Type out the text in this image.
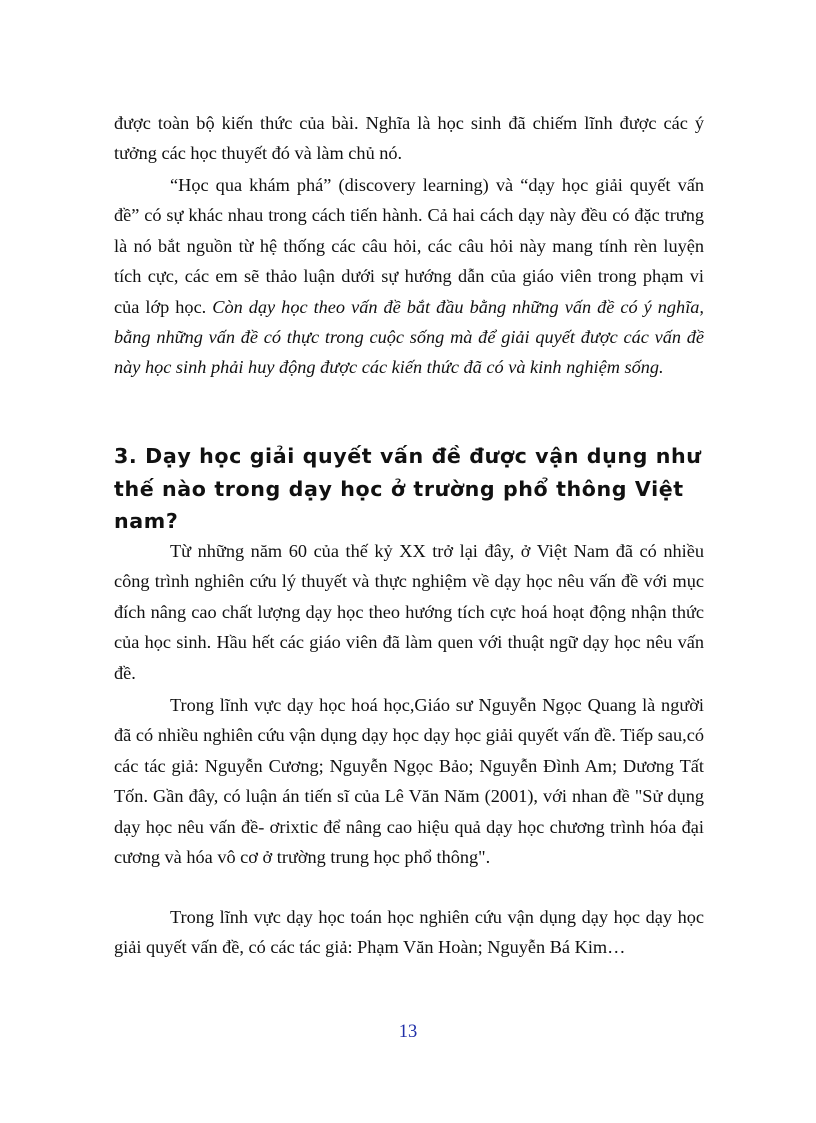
được toàn bộ kiến thức của bài. Nghĩa là học sinh đã chiếm lĩnh được các ý tưởng các học thuyết đó và làm chủ nó.

“Học qua khám phá” (discovery learning) và “dạy học giải quyết vấn đề” có sự khác nhau trong cách tiến hành. Cả hai cách dạy này đều có đặc trưng là nó bắt nguồn từ hệ thống các câu hỏi, các câu hỏi này mang tính rèn luyện tích cực, các em sẽ thảo luận dưới sự hướng dẫn của giáo viên trong phạm vi của lớp học. Còn dạy học theo vấn đề bắt đầu bằng những vấn đề có ý nghĩa, bằng những vấn đề có thực trong cuộc sống mà để giải quyết được các vấn đề này học sinh phải huy động được các kiến thức đã có và kinh nghiệm sống.

3. Dạy học giải quyết vấn đề được vận dụng như thế nào trong dạy học ở trường phổ thông Việt nam?

Từ những năm 60 của thế kỷ XX trở lại đây, ở Việt Nam đã có nhiều công trình nghiên cứu lý thuyết và thực nghiệm về dạy học nêu vấn đề với mục đích nâng cao chất lượng dạy học theo hướng tích cực hoá hoạt động nhận thức của học sinh. Hầu hết các giáo viên đã làm quen với thuật ngữ dạy học nêu vấn đề.

Trong lĩnh vực dạy học hoá học,Giáo sư Nguyễn Ngọc Quang là người đã có nhiều nghiên cứu vận dụng dạy học dạy học giải quyết vấn đề. Tiếp sau,có các tác giả: Nguyễn Cương; Nguyễn Ngọc Bảo; Nguyễn Đình Am; Dương Tất Tốn. Gần đây, có luận án tiến sĩ của Lê Văn Năm (2001), với nhan đề "Sử dụng dạy học nêu vấn đề- ơrixtic để nâng cao hiệu quả dạy học chương trình hóa đại cương và hóa vô cơ ở trường trung học phổ thông".

Trong lĩnh vực dạy học toán học nghiên cứu vận dụng dạy học dạy học giải quyết vấn đề, có các tác giả: Phạm Văn Hoàn; Nguyễn Bá Kim…

13
